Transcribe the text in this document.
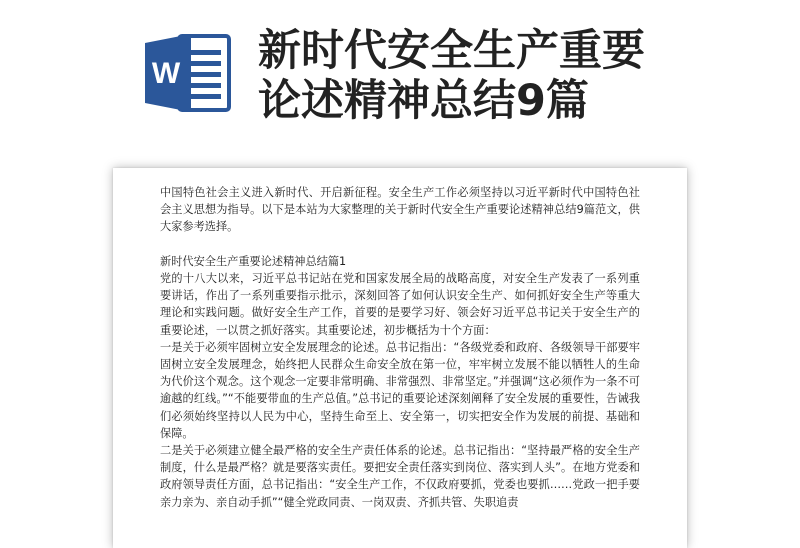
W 新时代安全生产重要
论述精神总结9篇

中国特色社会主义进入新时代、开启新征程。安全生产工作必须坚持以习近平新时代中国特色社会主义思想为指导。以下是本站为大家整理的关于新时代安全生产重要论述精神总结9篇范文，供大家参考选择。

新时代安全生产重要论述精神总结篇1

党的十八大以来，习近平总书记站在党和国家发展全局的战略高度，对安全生产发表了一系列重要讲话，作出了一系列重要指示批示，深刻回答了如何认识安全生产、如何抓好安全生产等重大理论和实践问题。做好安全生产工作，首要的是要学习好、领会好习近平总书记关于安全生产的重要论述，一以贯之抓好落实。其重要论述，初步概括为十个方面：

一是关于必须牢固树立安全发展理念的论述。总书记指出：“各级党委和政府、各级领导干部要牢固树立安全发展理念，始终把人民群众生命安全放在第一位，牢牢树立发展不能以牺牲人的生命为代价这个观念。这个观念一定要非常明确、非常强烈、非常坚定。”并强调“这必须作为一条不可逾越的红线。”“不能要带血的生产总值。”总书记的重要论述深刻阐释了安全发展的重要性，告诫我们必须始终坚持以人民为中心，坚持生命至上、安全第一，切实把安全作为发展的前提、基础和保障。

二是关于必须建立健全最严格的安全生产责任体系的论述。总书记指出：“坚持最严格的安全生产制度，什么是最严格？就是要落实责任。要把安全责任落实到岗位、落实到人头”。在地方党委和政府领导责任方面，总书记指出：“安全生产工作，不仅政府要抓，党委也要抓……党政一把手要亲力亲为、亲自动手抓”“健全党政同责、一岗双责、齐抓共管、失职追责
